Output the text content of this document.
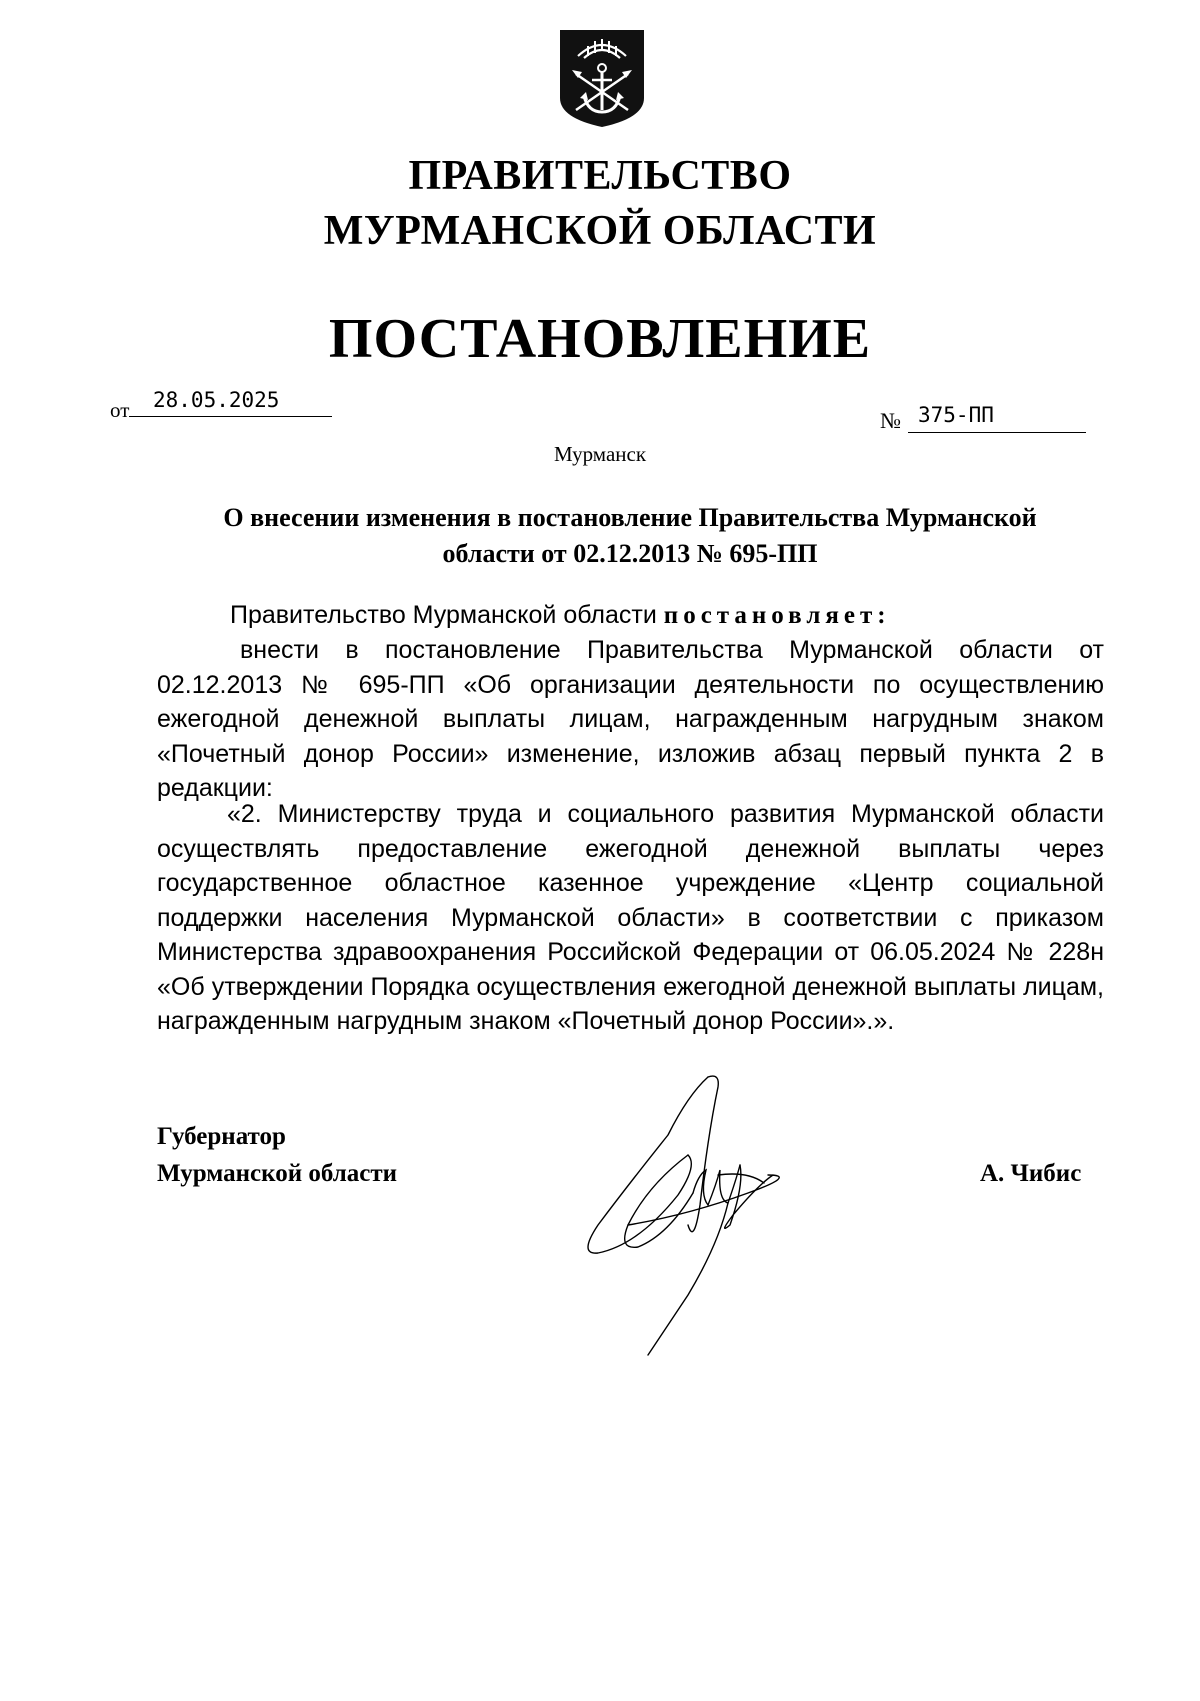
ПРАВИТЕЛЬСТВО
МУРМАНСКОЙ ОБЛАСТИ
ПОСТАНОВЛЕНИЕ
от	28.05.2025
№ 375-ПП
Мурманск
О внесении изменения в постановление Правительства Мурманской
области от 02.12.2013 № 695-ПП

Правительство Мурманской области постановляет:

внести в постановление Правительства Мурманской области от 02.12.2013 № 695-ПП «Об организации деятельности по осуществлению ежегодной денежной выплаты лицам, награжденным нагрудным знаком «Почетный донор России» изменение, изложив абзац первый пункта 2 в редакции:

«2. Министерству труда и социального развития Мурманской области осуществлять предоставление ежегодной денежной выплаты через государственное областное казенное учреждение «Центр социальной поддержки населения Мурманской области» в соответствии с приказом Министерства здравоохранения Российской Федерации от 06.05.2024 № 228н «Об утверждении Порядка осуществления ежегодной денежной выплаты лицам, награжденным нагрудным знаком «Почетный донор России».».

Губернатор
Мурманской области	А. Чибис
